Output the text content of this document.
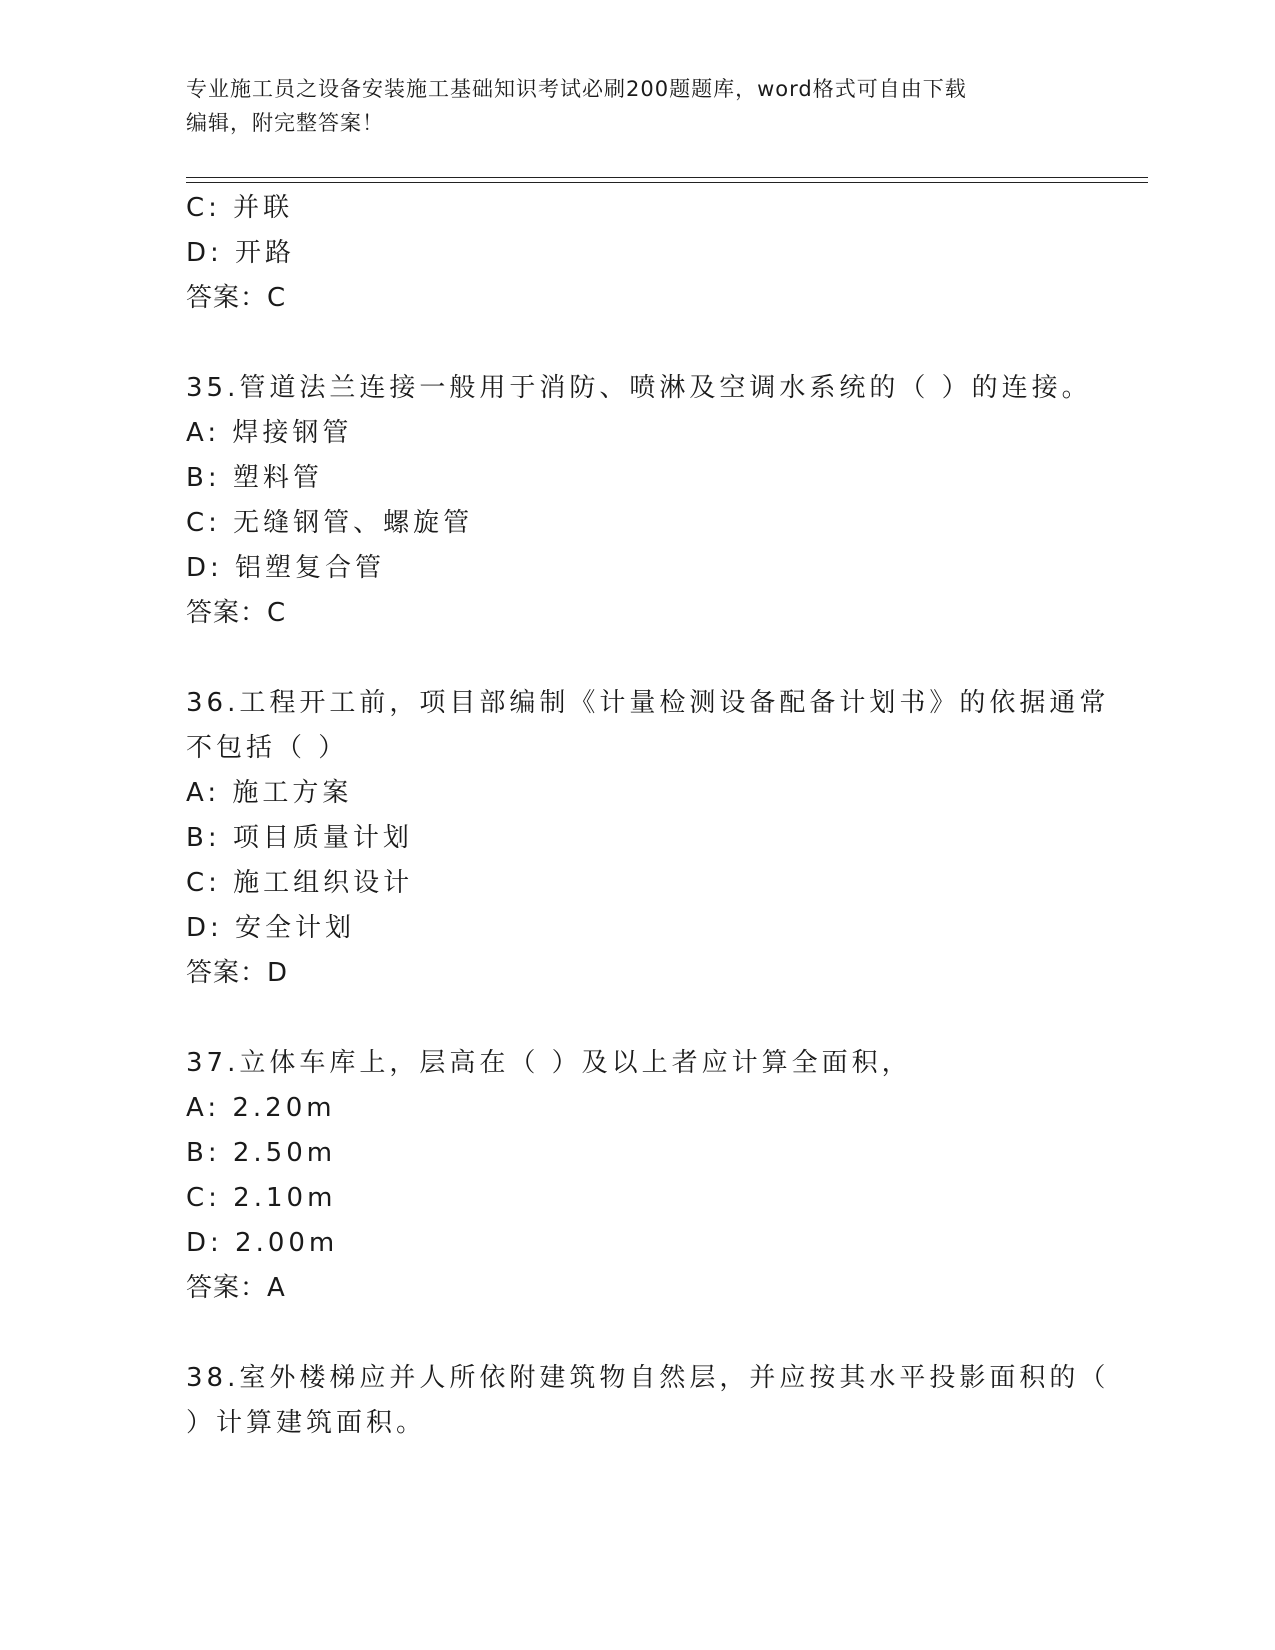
专业施工员之设备安装施工基础知识考试必刷200题题库，word格式可自由下载
编辑，附完整答案！
C: 并联
D: 开路
答案：C
35.管道法兰连接一般用于消防、喷淋及空调水系统的（ ）的连接。
A: 焊接钢管
B: 塑料管
C: 无缝钢管、螺旋管
D: 铝塑复合管
答案：C
36.工程开工前，项目部编制《计量检测设备配备计划书》的依据通常
不包括（ ）
A: 施工方案
B: 项目质量计划
C: 施工组织设计
D: 安全计划
答案：D
37.立体车库上，层高在（ ）及以上者应计算全面积，
A: 2.20m
B: 2.50m
C: 2.10m
D: 2.00m
答案：A
38.室外楼梯应并人所依附建筑物自然层，并应按其水平投影面积的（
）计算建筑面积。
